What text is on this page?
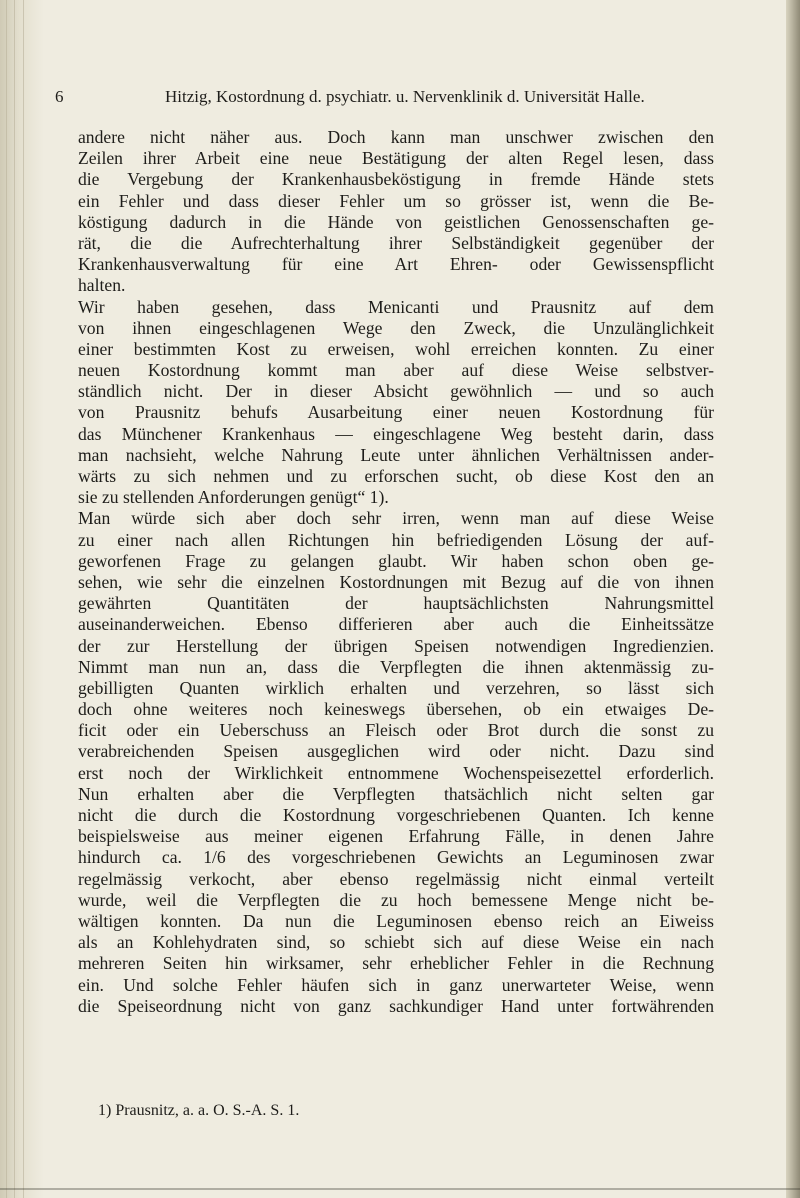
6	Hitzig, Kostordnung d. psychiatr. u. Nervenklinik d. Universität Halle.
andere nicht näher aus. Doch kann man unschwer zwischen den
Zeilen ihrer Arbeit eine neue Bestätigung der alten Regel lesen, dass
die Vergebung der Krankenhausbeköstigung in fremde Hände stets
ein Fehler und dass dieser Fehler um so grösser ist, wenn die Be-
köstigung dadurch in die Hände von geistlichen Genossenschaften ge-
rät, die die Aufrechterhaltung ihrer Selbständigkeit gegenüber der
Krankenhausverwaltung für eine Art Ehren- oder Gewissenspflicht
halten.
Wir haben gesehen, dass Menicanti und Prausnitz auf dem
von ihnen eingeschlagenen Wege den Zweck, die Unzulänglichkeit
einer bestimmten Kost zu erweisen, wohl erreichen konnten. Zu einer
neuen Kostordnung kommt man aber auf diese Weise selbstver-
ständlich nicht. Der in dieser Absicht gewöhnlich — und so auch
von Prausnitz behufs Ausarbeitung einer neuen Kostordnung für
das Münchener Krankenhaus — eingeschlagene Weg besteht darin, dass
man nachsieht, welche Nahrung Leute unter ähnlichen Verhältnissen ander-
wärts zu sich nehmen und zu erforschen sucht, ob diese Kost den an
sie zu stellenden Anforderungen genügt“ 1).
Man würde sich aber doch sehr irren, wenn man auf diese Weise
zu einer nach allen Richtungen hin befriedigenden Lösung der auf-
geworfenen Frage zu gelangen glaubt. Wir haben schon oben ge-
sehen, wie sehr die einzelnen Kostordnungen mit Bezug auf die von ihnen
gewährten Quantitäten der hauptsächlichsten Nahrungsmittel
auseinanderweichen. Ebenso differieren aber auch die Einheitssätze
der zur Herstellung der übrigen Speisen notwendigen Ingredienzien.
Nimmt man nun an, dass die Verpflegten die ihnen aktenmässig zu-
gebilligten Quanten wirklich erhalten und verzehren, so lässt sich
doch ohne weiteres noch keineswegs übersehen, ob ein etwaiges De-
ficit oder ein Ueberschuss an Fleisch oder Brot durch die sonst zu
verabreichenden Speisen ausgeglichen wird oder nicht. Dazu sind
erst noch der Wirklichkeit entnommene Wochenspeisezettel erforderlich.
Nun erhalten aber die Verpflegten thatsächlich nicht selten gar
nicht die durch die Kostordnung vorgeschriebenen Quanten. Ich kenne
beispielsweise aus meiner eigenen Erfahrung Fälle, in denen Jahre
hindurch ca. 1/6 des vorgeschriebenen Gewichts an Leguminosen zwar
regelmässig verkocht, aber ebenso regelmässig nicht einmal verteilt
wurde, weil die Verpflegten die zu hoch bemessene Menge nicht be-
wältigen konnten. Da nun die Leguminosen ebenso reich an Eiweiss
als an Kohlehydraten sind, so schiebt sich auf diese Weise ein nach
mehreren Seiten hin wirksamer, sehr erheblicher Fehler in die Rechnung
ein. Und solche Fehler häufen sich in ganz unerwarteter Weise, wenn
die Speiseordnung nicht von ganz sachkundiger Hand unter fortwährenden
1) Prausnitz, a. a. O. S.-A. S. 1.
